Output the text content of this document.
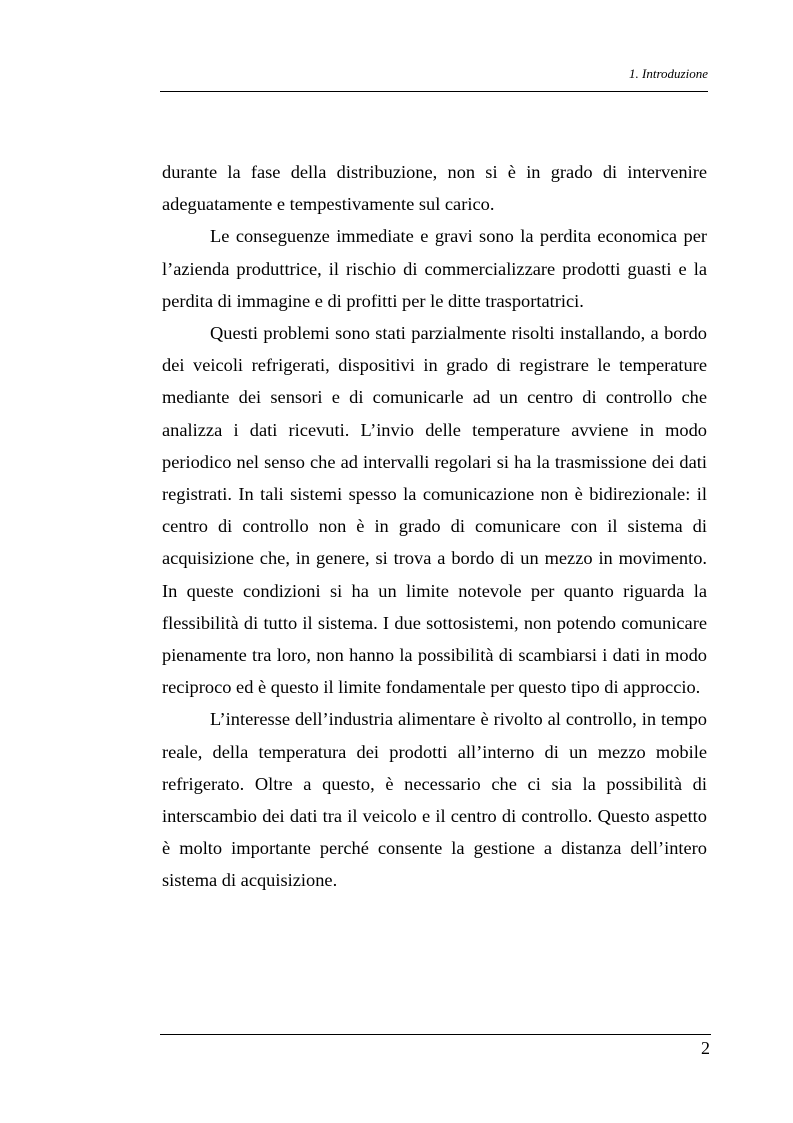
1. Introduzione

durante la fase della distribuzione, non si è in grado di intervenire adeguatamente e tempestivamente sul carico.

Le conseguenze immediate e gravi sono la perdita economica per l’azienda produttrice, il rischio di commercializzare prodotti guasti e la perdita di immagine e di profitti per le ditte trasportatrici.

Questi problemi sono stati parzialmente risolti installando, a bordo dei veicoli refrigerati, dispositivi in grado di registrare le temperature mediante dei sensori e di comunicarle ad un centro di controllo che analizza i dati ricevuti. L’invio delle temperature avviene in modo periodico nel senso che ad intervalli regolari si ha la trasmissione dei dati registrati. In tali sistemi spesso la comunicazione non è bidirezionale: il centro di controllo non è in grado di comunicare con il sistema di acquisizione che, in genere, si trova a bordo di un mezzo in movimento. In queste condizioni si ha un limite notevole per quanto riguarda la flessibilità di tutto il sistema. I due sottosistemi, non potendo comunicare pienamente tra loro, non hanno la possibilità di scambiarsi i dati in modo reciproco ed è questo il limite fondamentale per questo tipo di approccio.

L’interesse dell’industria alimentare è rivolto al controllo, in tempo reale, della temperatura dei prodotti all’interno di un mezzo mobile refrigerato. Oltre a questo, è necessario che ci sia la possibilità di interscambio dei dati tra il veicolo e il centro di controllo. Questo aspetto è molto importante perché consente la gestione a distanza dell’intero sistema di acquisizione.

2
